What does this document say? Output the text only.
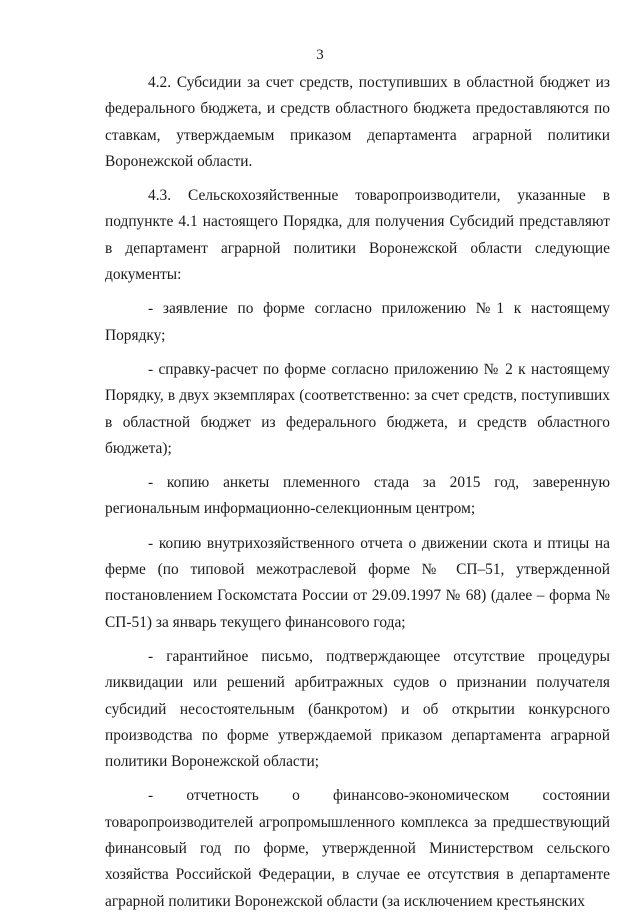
3

4.2. Субсидии за счет средств, поступивших в областной бюджет из федерального бюджета, и средств областного бюджета предоставляются по ставкам, утверждаемым приказом департамента аграрной политики Воронежской области.

4.3. Сельскохозяйственные товаропроизводители, указанные в подпункте 4.1 настоящего Порядка, для получения Субсидий представляют в департамент аграрной политики Воронежской области следующие документы:

- заявление по форме согласно приложению №1 к настоящему Порядку;

- справку-расчет по форме согласно приложению № 2 к настоящему Порядку, в двух экземплярах (соответственно: за счет средств, поступивших в областной бюджет из федерального бюджета, и средств областного бюджета);

- копию анкеты племенного стада за 2015 год, заверенную региональным информационно-селекционным центром;

- копию внутрихозяйственного отчета о движении скота и птицы на ферме (по типовой межотраслевой форме № СП–51, утвержденной постановлением Госкомстата России от 29.09.1997 № 68) (далее – форма № СП-51) за январь текущего финансового года;

- гарантийное письмо, подтверждающее отсутствие процедуры ликвидации или решений арбитражных судов о признании получателя субсидий несостоятельным (банкротом) и об открытии конкурсного производства по форме утверждаемой приказом департамента аграрной политики Воронежской области;

- отчетность о финансово-экономическом состоянии товаропроизводителей агропромышленного комплекса за предшествующий финансовый год по форме, утвержденной Министерством сельского хозяйства Российской Федерации, в случае ее отсутствия в департаменте аграрной политики Воронежской области (за исключением крестьянских
